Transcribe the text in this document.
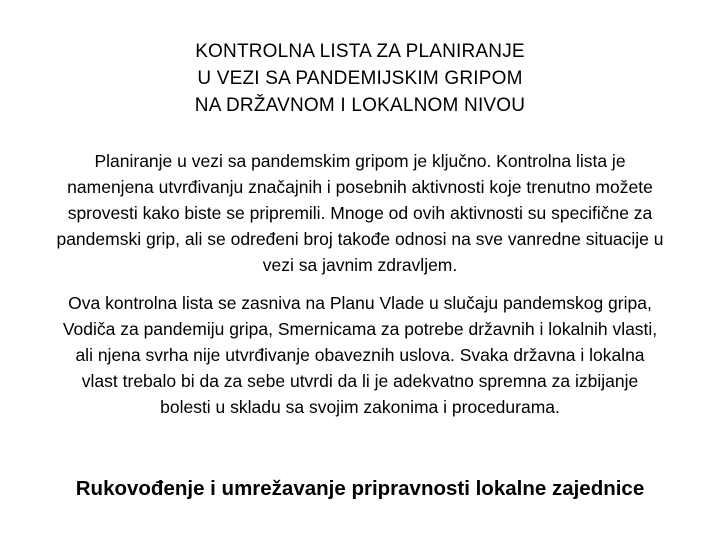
KONTROLNA LISTA ZA PLANIRANJE
U VEZI SA PANDEMIJSKIM GRIPOM
NA DRŽAVNOM I LOKALNOM NIVOU

Planiranje u vezi sa pandemskim gripom je ključno. Kontrolna lista je
namenjena utvrđivanju značajnih i posebnih aktivnosti koje trenutno možete
sprovesti kako biste se pripremili. Mnoge od ovih aktivnosti su specifične za
pandemski grip, ali se određeni broj takođe odnosi na sve vanredne situacije u
vezi sa javnim zdravljem.

Ova kontrolna lista se zasniva na Planu Vlade u slučaju pandemskog gripa,
Vodiča za pandemiju gripa, Smernicama za potrebe državnih i lokalnih vlasti,
ali njena svrha nije utvrđivanje obaveznih uslova. Svaka državna i lokalna
vlast trebalo bi da za sebe utvrdi da li je adekvatno spremna za izbijanje
bolesti u skladu sa svojim zakonima i procedurama.

Rukovođenje i umrežavanje pripravnosti lokalne zajednice
